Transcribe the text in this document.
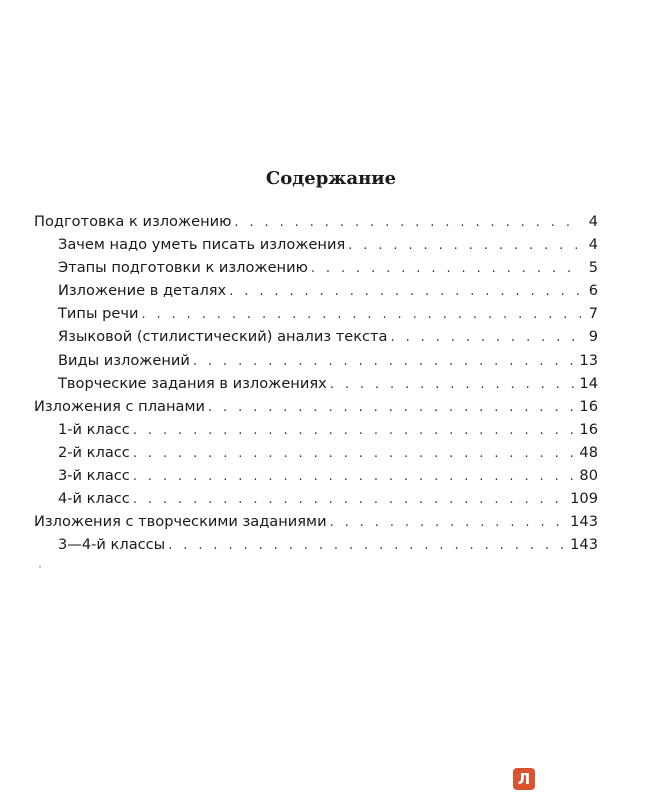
Содержание
Подготовка к изложению . . .	4
Зачем надо уметь писать изложения . . .	4
Этапы подготовки к изложению . . .	5
Изложение в деталях . . .	6
Типы речи . . .	7
Языковой (стилистический) анализ текста . . .	9
Виды изложений . . .	13
Творческие задания в изложениях . . .	14
Изложения с планами . . .	16
1-й класс . . .	16
2-й класс . . .	48
3-й класс . . .	80
4-й класс . . .	109
Изложения с творческими заданиями . . .	143
3—4-й классы . . .	143
Л
